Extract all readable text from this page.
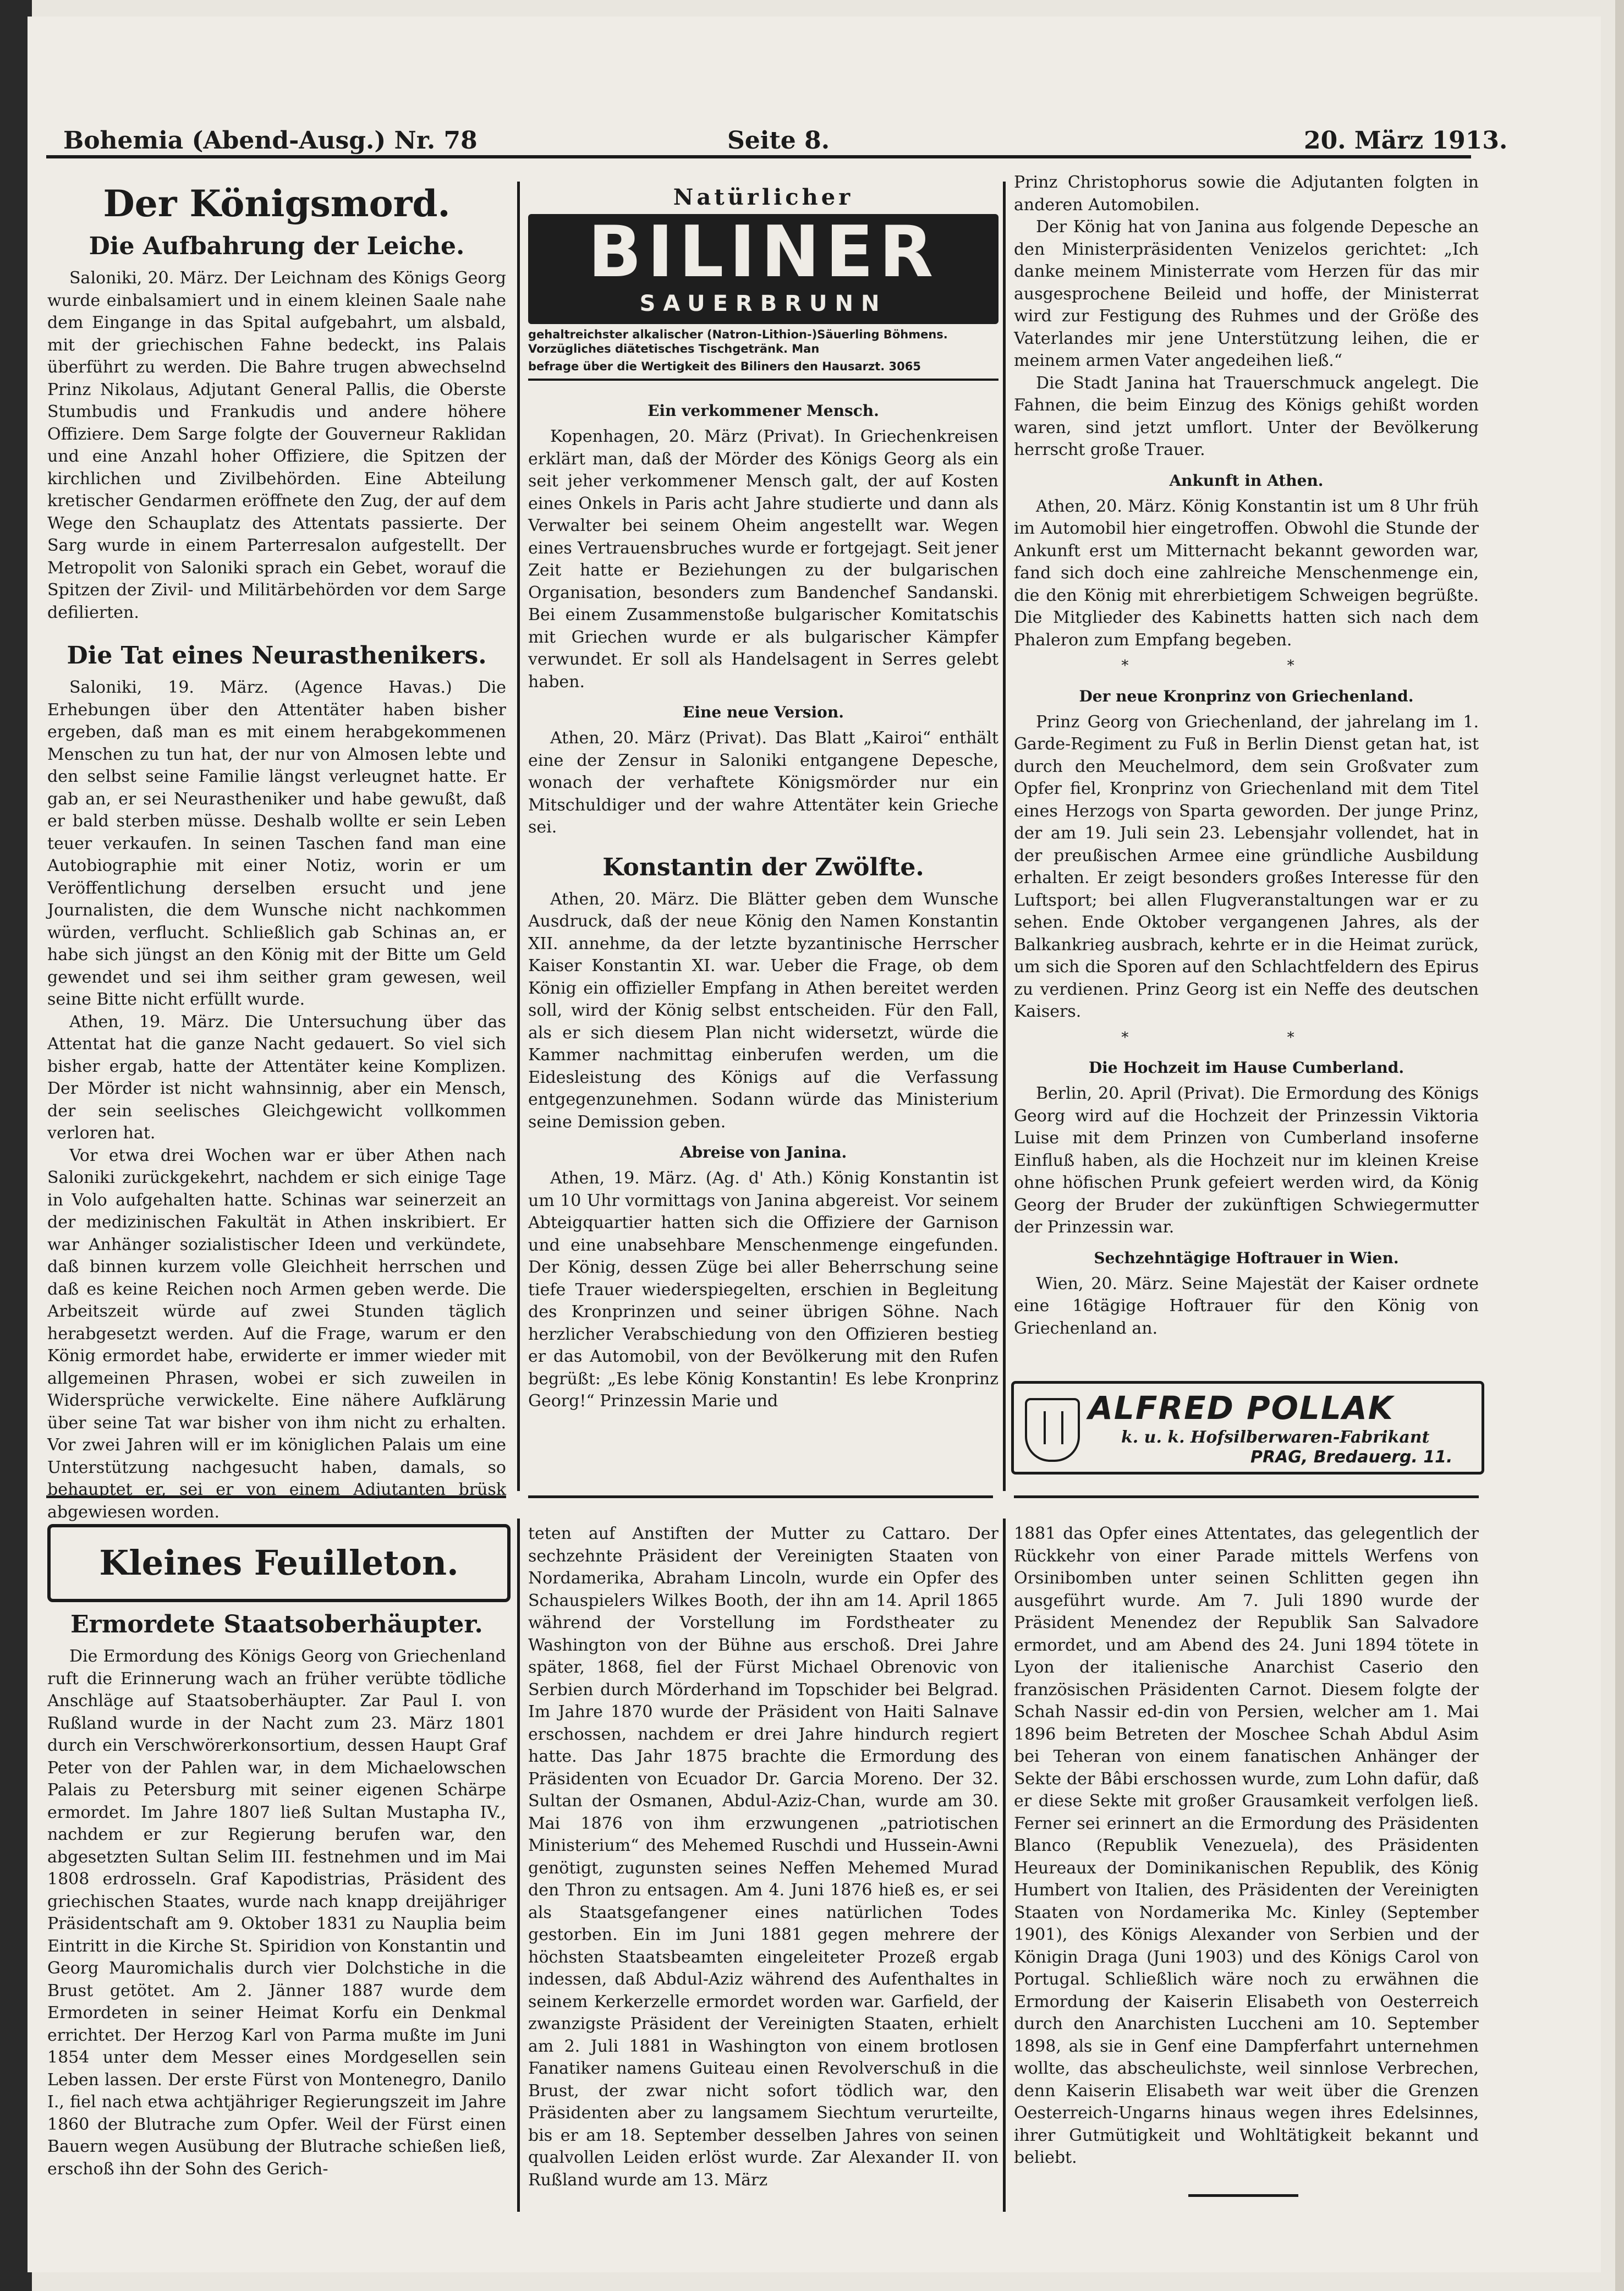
Bohemia (Abend-Ausg.) Nr. 78	Seite 8.	20. März 1913.
Der Königsmord.
Die Aufbahrung der Leiche.

Saloniki, 20. März. Der Leichnam des Königs Georg wurde einbalsamiert und in einem kleinen Saale nahe dem Eingange in das Spital aufgebahrt, um alsbald, mit der griechischen Fahne bedeckt, ins Palais überführt zu werden. Die Bahre trugen abwechselnd Prinz Nikolaus, Adjutant General Pallis, die Oberste Stumbudis und Frankudis und andere höhere Offiziere. Dem Sarge folgte der Gouverneur Raklidan und eine Anzahl hoher Offiziere, die Spitzen der kirchlichen und Zivilbehörden. Eine Abteilung kretischer Gendarmen eröffnete den Zug, der auf dem Wege den Schauplatz des Attentats passierte. Der Sarg wurde in einem Parterresalon aufgestellt. Der Metropolit von Saloniki sprach ein Gebet, worauf die Spitzen der Zivil- und Militärbehörden vor dem Sarge defilierten.

Die Tat eines Neurasthenikers.

Saloniki, 19. März. (Agence Havas.) Die Erhebungen über den Attentäter haben bisher ergeben, daß man es mit einem herabgekommenen Menschen zu tun hat, der nur von Almosen lebte und den selbst seine Familie längst verleugnet hatte. Er gab an, er sei Neurastheniker und habe gewußt, daß er bald sterben müsse. Deshalb wollte er sein Leben teuer verkaufen. In seinen Taschen fand man eine Autobiographie mit einer Notiz, worin er um Veröffentlichung derselben ersucht und jene Journalisten, die dem Wunsche nicht nachkommen würden, verflucht. Schließlich gab Schinas an, er habe sich jüngst an den König mit der Bitte um Geld gewendet und sei ihm seither gram gewesen, weil seine Bitte nicht erfüllt wurde.

Athen, 19. März. Die Untersuchung über das Attentat hat die ganze Nacht gedauert. So viel sich bisher ergab, hatte der Attentäter keine Komplizen. Der Mörder ist nicht wahnsinnig, aber ein Mensch, der sein seelisches Gleichgewicht vollkommen verloren hat.

Vor etwa drei Wochen war er über Athen nach Saloniki zurückgekehrt, nachdem er sich einige Tage in Volo aufgehalten hatte. Schinas war seinerzeit an der medizinischen Fakultät in Athen inskribiert. Er war Anhänger sozialistischer Ideen und verkündete, daß binnen kurzem volle Gleichheit herrschen und daß es keine Reichen noch Armen geben werde. Die Arbeitszeit würde auf zwei Stunden täglich herabgesetzt werden. Auf die Frage, warum er den König ermordet habe, erwiderte er immer wieder mit allgemeinen Phrasen, wobei er sich zuweilen in Widersprüche verwickelte. Eine nähere Aufklärung über seine Tat war bisher von ihm nicht zu erhalten. Vor zwei Jahren will er im königlichen Palais um eine Unterstützung nachgesucht haben, damals, so behauptet er, sei er von einem Adjutanten brüsk abgewiesen worden.

Natürlicher
BILINER
SAUERBRUNN
gehaltreichster alkalischer (Natron-Lithion-)Säuerling Böhmens. Vorzügliches diätetisches Tischgetränk. Man
befrage über die Wertigkeit des Biliners den Hausarzt. 3065
Ein verkommener Mensch.

Kopenhagen, 20. März (Privat). In Griechenkreisen erklärt man, daß der Mörder des Königs Georg als ein seit jeher verkommener Mensch galt, der auf Kosten eines Onkels in Paris acht Jahre studierte und dann als Verwalter bei seinem Oheim angestellt war. Wegen eines Vertrauensbruches wurde er fortgejagt. Seit jener Zeit hatte er Beziehungen zu der bulgarischen Organisation, besonders zum Bandenchef Sandanski. Bei einem Zusammenstoße bulgarischer Komitatschis mit Griechen wurde er als bulgarischer Kämpfer verwundet. Er soll als Handelsagent in Serres gelebt haben.

Eine neue Version.

Athen, 20. März (Privat). Das Blatt „Kairoi“ enthält eine der Zensur in Saloniki entgangene Depesche, wonach der verhaftete Königsmörder nur ein Mitschuldiger und der wahre Attentäter kein Grieche sei.

Konstantin der Zwölfte.

Athen, 20. März. Die Blätter geben dem Wunsche Ausdruck, daß der neue König den Namen Konstantin XII. annehme, da der letzte byzantinische Herrscher Kaiser Konstantin XI. war. Ueber die Frage, ob dem König ein offizieller Empfang in Athen bereitet werden soll, wird der König selbst entscheiden. Für den Fall, als er sich diesem Plan nicht widersetzt, würde die Kammer nachmittag einberufen werden, um die Eidesleistung des Königs auf die Verfassung entgegenzunehmen. Sodann würde das Ministerium seine Demission geben.

Abreise von Janina.

Athen, 19. März. (Ag. d' Ath.) König Konstantin ist um 10 Uhr vormittags von Janina abgereist. Vor seinem Abteigquartier hatten sich die Offiziere der Garnison und eine unabsehbare Menschenmenge eingefunden. Der König, dessen Züge bei aller Beherrschung seine tiefe Trauer wiederspiegelten, erschien in Begleitung des Kronprinzen und seiner übrigen Söhne. Nach herzlicher Verabschiedung von den Offizieren bestieg er das Automobil, von der Bevölkerung mit den Rufen begrüßt: „Es lebe König Konstantin! Es lebe Kronprinz Georg!“ Prinzessin Marie und

Prinz Christophorus sowie die Adjutanten folgten in anderen Automobilen.

Der König hat von Janina aus folgende Depesche an den Ministerpräsidenten Venizelos gerichtet: „Ich danke meinem Ministerrate vom Herzen für das mir ausgesprochene Beileid und hoffe, der Ministerrat wird zur Festigung des Ruhmes und der Größe des Vaterlandes mir jene Unterstützung leihen, die er meinem armen Vater angedeihen ließ.“

Die Stadt Janina hat Trauerschmuck angelegt. Die Fahnen, die beim Einzug des Königs gehißt worden waren, sind jetzt umflort. Unter der Bevölkerung herrscht große Trauer.

Ankunft in Athen.

Athen, 20. März. König Konstantin ist um 8 Uhr früh im Automobil hier eingetroffen. Obwohl die Stunde der Ankunft erst um Mitternacht bekannt geworden war, fand sich doch eine zahlreiche Menschenmenge ein, die den König mit ehrerbietigem Schweigen begrüßte. Die Mitglieder des Kabinetts hatten sich nach dem Phaleron zum Empfang begeben.

* *
Der neue Kronprinz von Griechenland.

Prinz Georg von Griechenland, der jahrelang im 1. Garde-Regiment zu Fuß in Berlin Dienst getan hat, ist durch den Meuchelmord, dem sein Großvater zum Opfer fiel, Kronprinz von Griechenland mit dem Titel eines Herzogs von Sparta geworden. Der junge Prinz, der am 19. Juli sein 23. Lebensjahr vollendet, hat in der preußischen Armee eine gründliche Ausbildung erhalten. Er zeigt besonders großes Interesse für den Luftsport; bei allen Flugveranstaltungen war er zu sehen. Ende Oktober vergangenen Jahres, als der Balkankrieg ausbrach, kehrte er in die Heimat zurück, um sich die Sporen auf den Schlachtfeldern des Epirus zu verdienen. Prinz Georg ist ein Neffe des deutschen Kaisers.

* *
Die Hochzeit im Hause Cumberland.

Berlin, 20. April (Privat). Die Ermordung des Königs Georg wird auf die Hochzeit der Prinzessin Viktoria Luise mit dem Prinzen von Cumberland insoferne Einfluß haben, als die Hochzeit nur im kleinen Kreise ohne höfischen Prunk gefeiert werden wird, da König Georg der Bruder der zukünftigen Schwiegermutter der Prinzessin war.

Sechzehntägige Hoftrauer in Wien.

Wien, 20. März. Seine Majestät der Kaiser ordnete eine 16tägige Hoftrauer für den König von Griechenland an.

ALFRED POLLAK
k. u. k. Hofsilberwaren-Fabrikant
PRAG, Bredauerg. 11.
Kleines Feuilleton.
Ermordete Staatsoberhäupter.

Die Ermordung des Königs Georg von Griechenland ruft die Erinnerung wach an früher verübte tödliche Anschläge auf Staatsoberhäupter. Zar Paul I. von Rußland wurde in der Nacht zum 23. März 1801 durch ein Verschwörerkonsortium, dessen Haupt Graf Peter von der Pahlen war, in dem Michaelowschen Palais zu Petersburg mit seiner eigenen Schärpe ermordet. Im Jahre 1807 ließ Sultan Mustapha IV., nachdem er zur Regierung berufen war, den abgesetzten Sultan Selim III. festnehmen und im Mai 1808 erdrosseln. Graf Kapodistrias, Präsident des griechischen Staates, wurde nach knapp dreijähriger Präsidentschaft am 9. Oktober 1831 zu Nauplia beim Eintritt in die Kirche St. Spiridion von Konstantin und Georg Mauromichalis durch vier Dolchstiche in die Brust getötet. Am 2. Jänner 1887 wurde dem Ermordeten in seiner Heimat Korfu ein Denkmal errichtet. Der Herzog Karl von Parma mußte im Juni 1854 unter dem Messer eines Mordgesellen sein Leben lassen. Der erste Fürst von Montenegro, Danilo I., fiel nach etwa achtjähriger Regierungszeit im Jahre 1860 der Blutrache zum Opfer. Weil der Fürst einen Bauern wegen Ausübung der Blutrache schießen ließ, erschoß ihn der Sohn des Gerich-

teten auf Anstiften der Mutter zu Cattaro. Der sechzehnte Präsident der Vereinigten Staaten von Nordamerika, Abraham Lincoln, wurde ein Opfer des Schauspielers Wilkes Booth, der ihn am 14. April 1865 während der Vorstellung im Fordstheater zu Washington von der Bühne aus erschoß. Drei Jahre später, 1868, fiel der Fürst Michael Obrenovic von Serbien durch Mörderhand im Topschider bei Belgrad. Im Jahre 1870 wurde der Präsident von Haiti Salnave erschossen, nachdem er drei Jahre hindurch regiert hatte. Das Jahr 1875 brachte die Ermordung des Präsidenten von Ecuador Dr. Garcia Moreno. Der 32. Sultan der Osmanen, Abdul-Aziz-Chan, wurde am 30. Mai 1876 von ihm erzwungenen „patriotischen Ministerium“ des Mehemed Ruschdi und Hussein-Awni genötigt, zugunsten seines Neffen Mehemed Murad den Thron zu entsagen. Am 4. Juni 1876 hieß es, er sei als Staatsgefangener eines natürlichen Todes gestorben. Ein im Juni 1881 gegen mehrere der höchsten Staatsbeamten eingeleiteter Prozeß ergab indessen, daß Abdul-Aziz während des Aufenthaltes in seinem Kerkerzelle ermordet worden war. Garfield, der zwanzigste Präsident der Vereinigten Staaten, erhielt am 2. Juli 1881 in Washington von einem brotlosen Fanatiker namens Guiteau einen Revolverschuß in die Brust, der zwar nicht sofort tödlich war, den Präsidenten aber zu langsamem Siechtum verurteilte, bis er am 18. September desselben Jahres von seinen qualvollen Leiden erlöst wurde. Zar Alexander II. von Rußland wurde am 13. März

1881 das Opfer eines Attentates, das gelegentlich der Rückkehr von einer Parade mittels Werfens von Orsinibomben unter seinen Schlitten gegen ihn ausgeführt wurde. Am 7. Juli 1890 wurde der Präsident Menendez der Republik San Salvadore ermordet, und am Abend des 24. Juni 1894 tötete in Lyon der italienische Anarchist Caserio den französischen Präsidenten Carnot. Diesem folgte der Schah Nassir ed-din von Persien, welcher am 1. Mai 1896 beim Betreten der Moschee Schah Abdul Asim bei Teheran von einem fanatischen Anhänger der Sekte der Bâbi erschossen wurde, zum Lohn dafür, daß er diese Sekte mit großer Grausamkeit verfolgen ließ. Ferner sei erinnert an die Ermordung des Präsidenten Blanco (Republik Venezuela), des Präsidenten Heureaux der Dominikanischen Republik, des König Humbert von Italien, des Präsidenten der Vereinigten Staaten von Nordamerika Mc. Kinley (September 1901), des Königs Alexander von Serbien und der Königin Draga (Juni 1903) und des Königs Carol von Portugal. Schließlich wäre noch zu erwähnen die Ermordung der Kaiserin Elisabeth von Oesterreich durch den Anarchisten Luccheni am 10. September 1898, als sie in Genf eine Dampferfahrt unternehmen wollte, das abscheulichste, weil sinnlose Verbrechen, denn Kaiserin Elisabeth war weit über die Grenzen Oesterreich-Ungarns hinaus wegen ihres Edelsinnes, ihrer Gutmütigkeit und Wohltätigkeit bekannt und beliebt.
